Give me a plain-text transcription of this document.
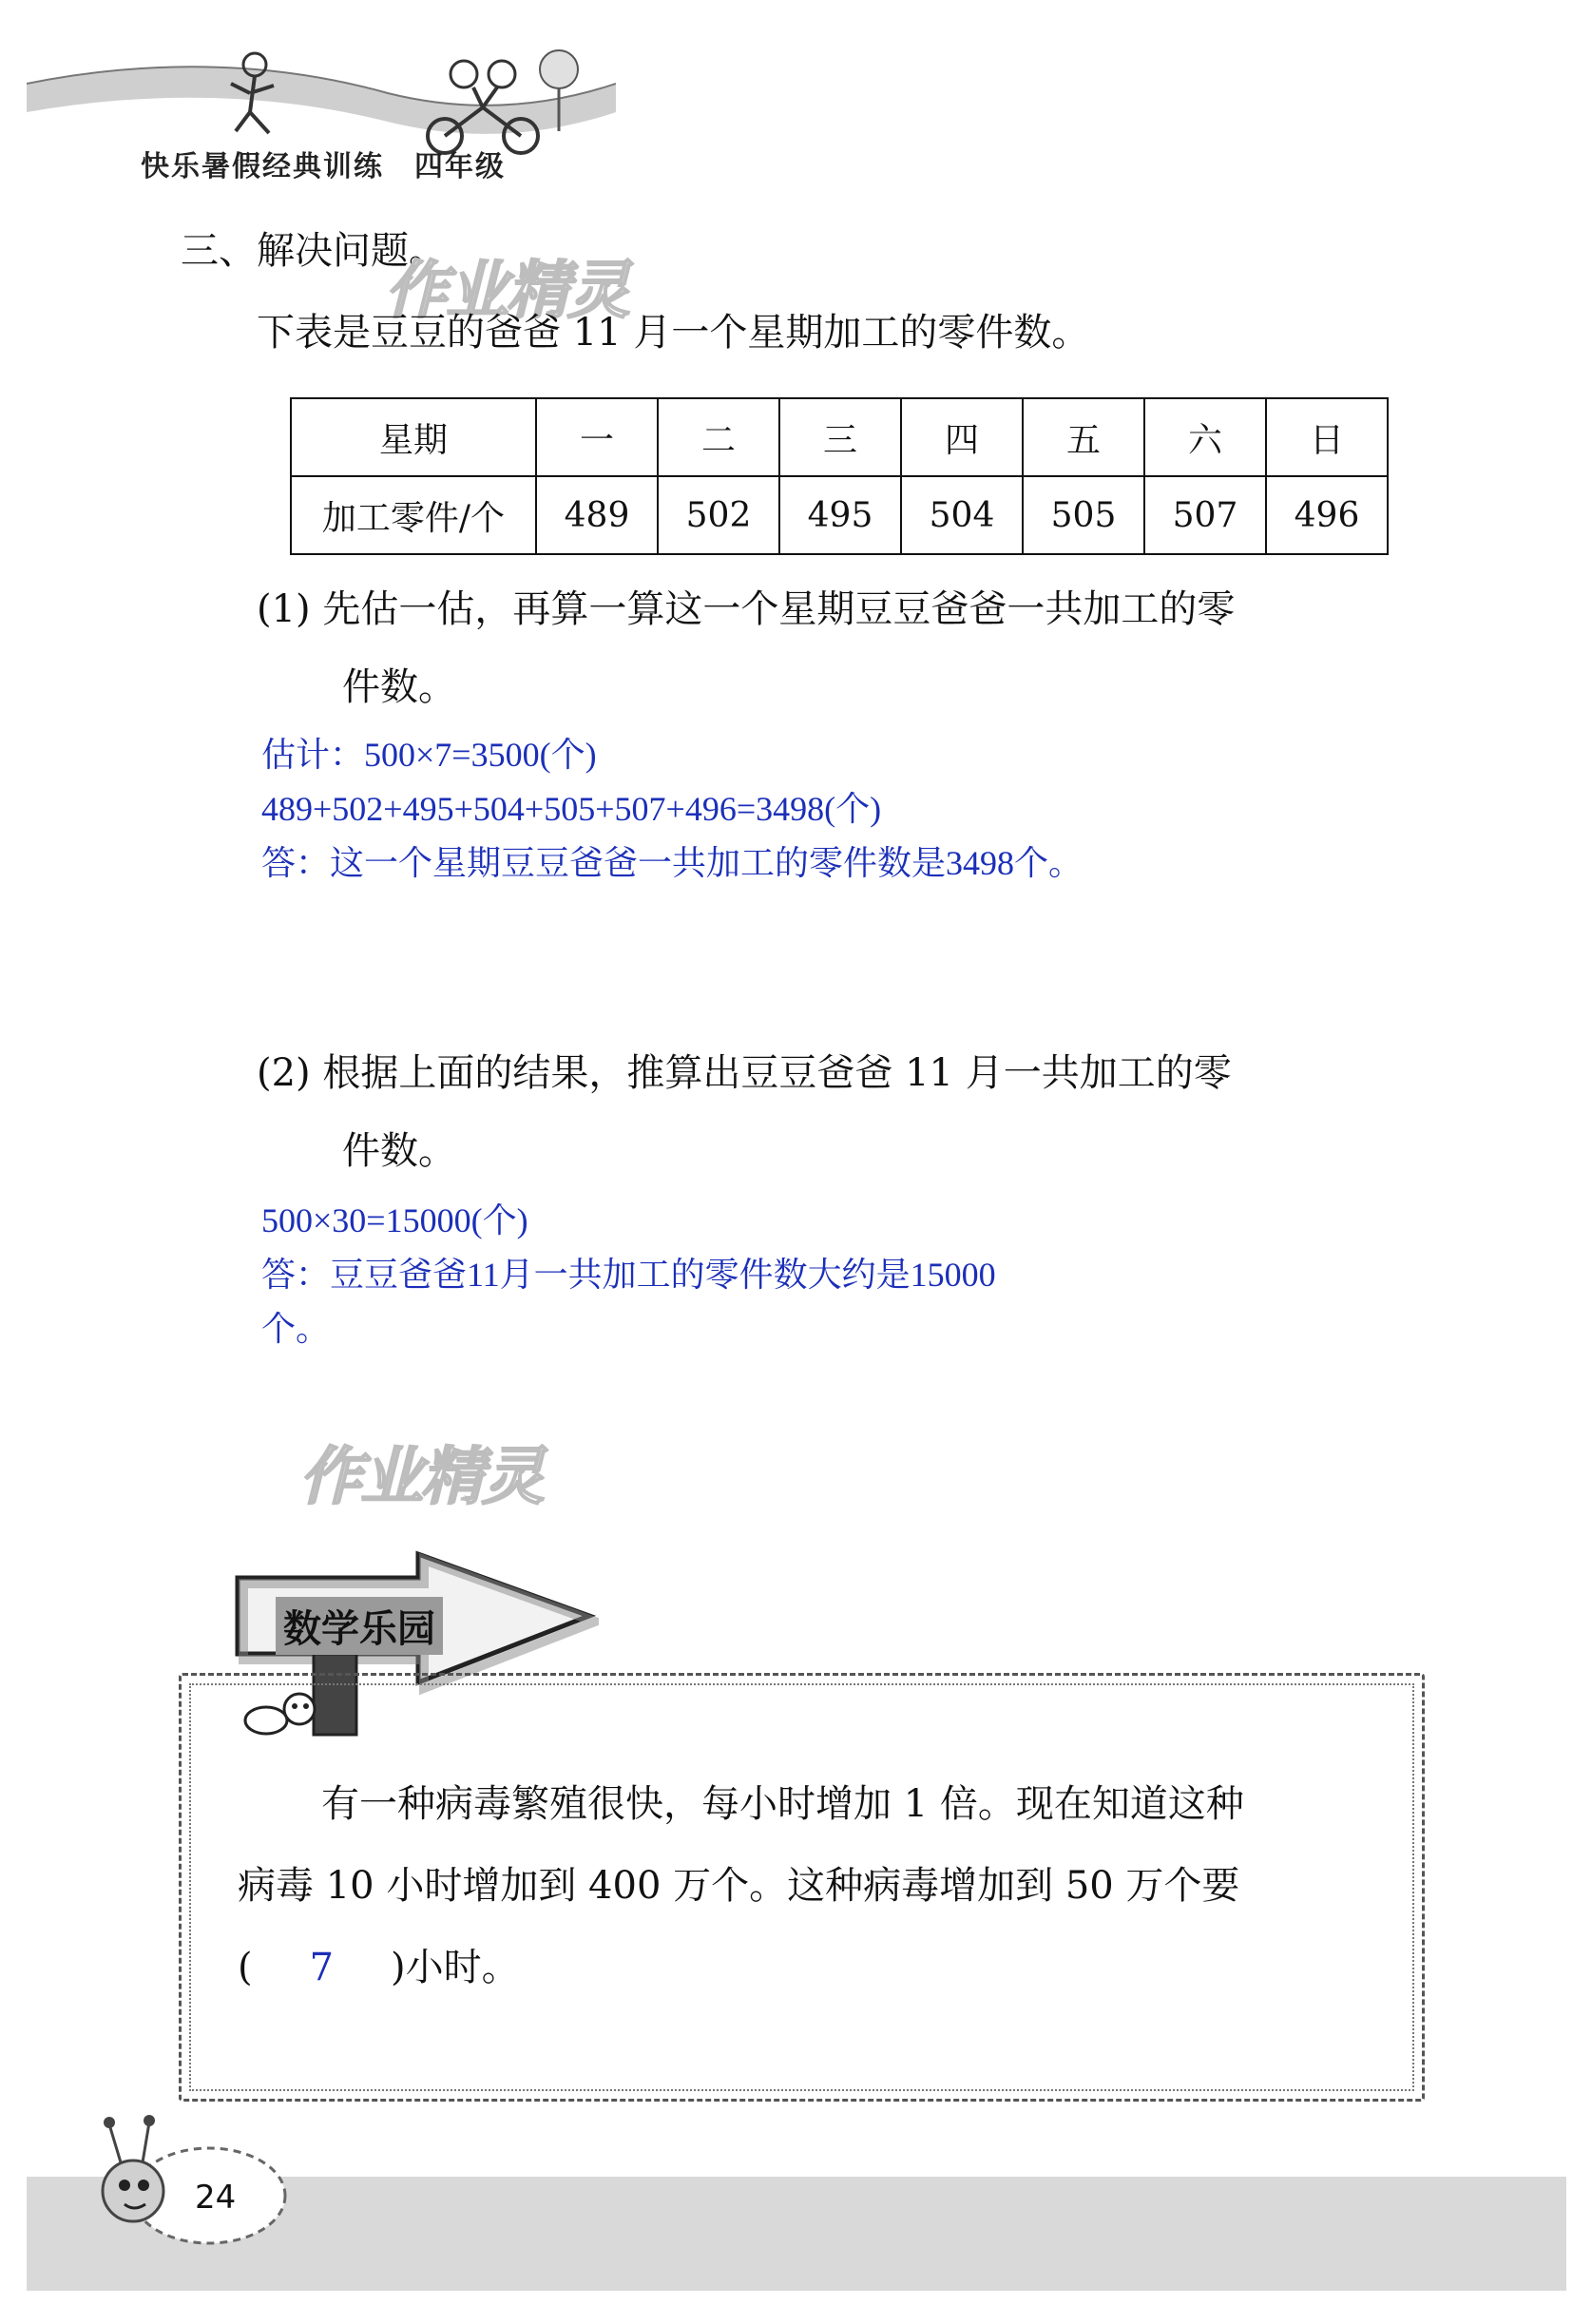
快乐暑假经典训练　四年级
三、解决问题。
作业精灵
下表是豆豆的爸爸 11 月一个星期加工的零件数。
星期	一	二	三	四	五	六	日
加工零件/个	489	502	495	504	505	507	496
(1) 先估一估，再算一算这一个星期豆豆爸爸一共加工的零
件数。
估计：500×7=3500(个)
489+502+495+504+505+507+496=3498(个)
答：这一个星期豆豆爸爸一共加工的零件数是3498个。
(2) 根据上面的结果，推算出豆豆爸爸 11 月一共加工的零
件数。
500×30=15000(个)
答：豆豆爸爸11月一共加工的零件数大约是15000
个。
作业精灵
数学乐园
有一种病毒繁殖很快，每小时增加 1 倍。现在知道这种
病毒 10 小时增加到 400 万个。这种病毒增加到 50 万个要
( 7 )小时。
24
